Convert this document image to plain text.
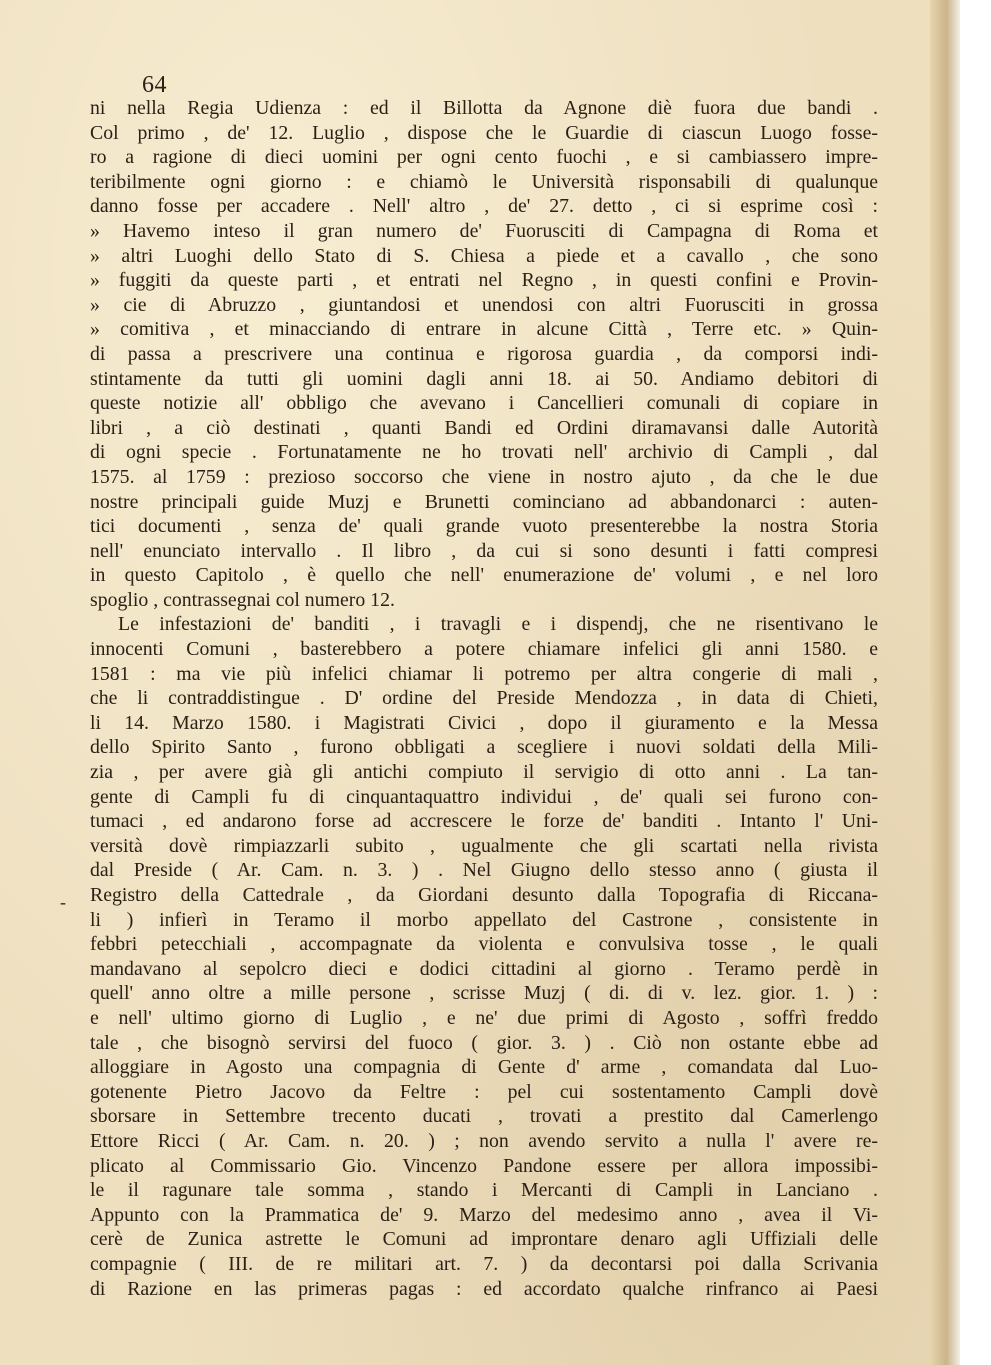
64
-
ni nella Regia Udienza : ed il Billotta da Agnone diè fuora due bandi .
Col primo , de' 12. Luglio , dispose che le Guardie di ciascun Luogo fosse-
ro a ragione di dieci uomini per ogni cento fuochi , e si cambiassero impre-
teribilmente ogni giorno : e chiamò le Università risponsabili di qualunque
danno fosse per accadere . Nell' altro , de' 27. detto , ci si esprime così :
» Havemo inteso il gran numero de' Fuorusciti di Campagna di Roma et
» altri Luoghi dello Stato di S. Chiesa a piede et a cavallo , che sono
» fuggiti da queste parti , et entrati nel Regno , in questi confini e Provin-
» cie di Abruzzo , giuntandosi et unendosi con altri Fuorusciti in grossa
» comitiva , et minacciando di entrare in alcune Città , Terre etc. » Quin-
di passa a prescrivere una continua e rigorosa guardia , da comporsi indi-
stintamente da tutti gli uomini dagli anni 18. ai 50. Andiamo debitori di
queste notizie all' obbligo che avevano i Cancellieri comunali di copiare in
libri , a ciò destinati , quanti Bandi ed Ordini diramavansi dalle Autorità
di ogni specie . Fortunatamente ne ho trovati nell' archivio di Campli , dal
1575. al 1759 : prezioso soccorso che viene in nostro ajuto , da che le due
nostre principali guide Muzj e Brunetti cominciano ad abbandonarci : auten-
tici documenti , senza de' quali grande vuoto presenterebbe la nostra Storia
nell' enunciato intervallo . Il libro , da cui si sono desunti i fatti compresi
in questo Capitolo , è quello che nell' enumerazione de' volumi , e nel loro
spoglio , contrassegnai col numero 12.
Le infestazioni de' banditi , i travagli e i dispendj, che ne risentivano le
innocenti Comuni , basterebbero a potere chiamare infelici gli anni 1580. e
1581 : ma vie più infelici chiamar li potremo per altra congerie di mali ,
che li contraddistingue . D' ordine del Preside Mendozza , in data di Chieti,
li 14. Marzo 1580. i Magistrati Civici , dopo il giuramento e la Messa
dello Spirito Santo , furono obbligati a scegliere i nuovi soldati della Mili-
zia , per avere già gli antichi compiuto il servigio di otto anni . La tan-
gente di Campli fu di cinquantaquattro individui , de' quali sei furono con-
tumaci , ed andarono forse ad accrescere le forze de' banditi . Intanto l' Uni-
versità dovè rimpiazzarli subito , ugualmente che gli scartati nella rivista
dal Preside ( Ar. Cam. n. 3. ) . Nel Giugno dello stesso anno ( giusta il
Registro della Cattedrale , da Giordani desunto dalla Topografia di Riccana-
li ) infierì in Teramo il morbo appellato del Castrone , consistente in
febbri petecchiali , accompagnate da violenta e convulsiva tosse , le quali
mandavano al sepolcro dieci e dodici cittadini al giorno . Teramo perdè in
quell' anno oltre a mille persone , scrisse Muzj ( di. di v. lez. gior. 1. ) :
e nell' ultimo giorno di Luglio , e ne' due primi di Agosto , soffrì freddo
tale , che bisognò servirsi del fuoco ( gior. 3. ) . Ciò non ostante ebbe ad
alloggiare in Agosto una compagnia di Gente d' arme , comandata dal Luo-
gotenente Pietro Jacovo da Feltre : pel cui sostentamento Campli dovè
sborsare in Settembre trecento ducati , trovati a prestito dal Camerlengo
Ettore Ricci ( Ar. Cam. n. 20. ) ; non avendo servito a nulla l' avere re-
plicato al Commissario Gio. Vincenzo Pandone essere per allora impossibi-
le il ragunare tale somma , stando i Mercanti di Campli in Lanciano .
Appunto con la Prammatica de' 9. Marzo del medesimo anno , avea il Vi-
cerè de Zunica astrette le Comuni ad improntare denaro agli Uffiziali delle
compagnie ( III. de re militari art. 7. ) da decontarsi poi dalla Scrivania
di Razione en las primeras pagas : ed accordato qualche rinfranco ai Paesi
